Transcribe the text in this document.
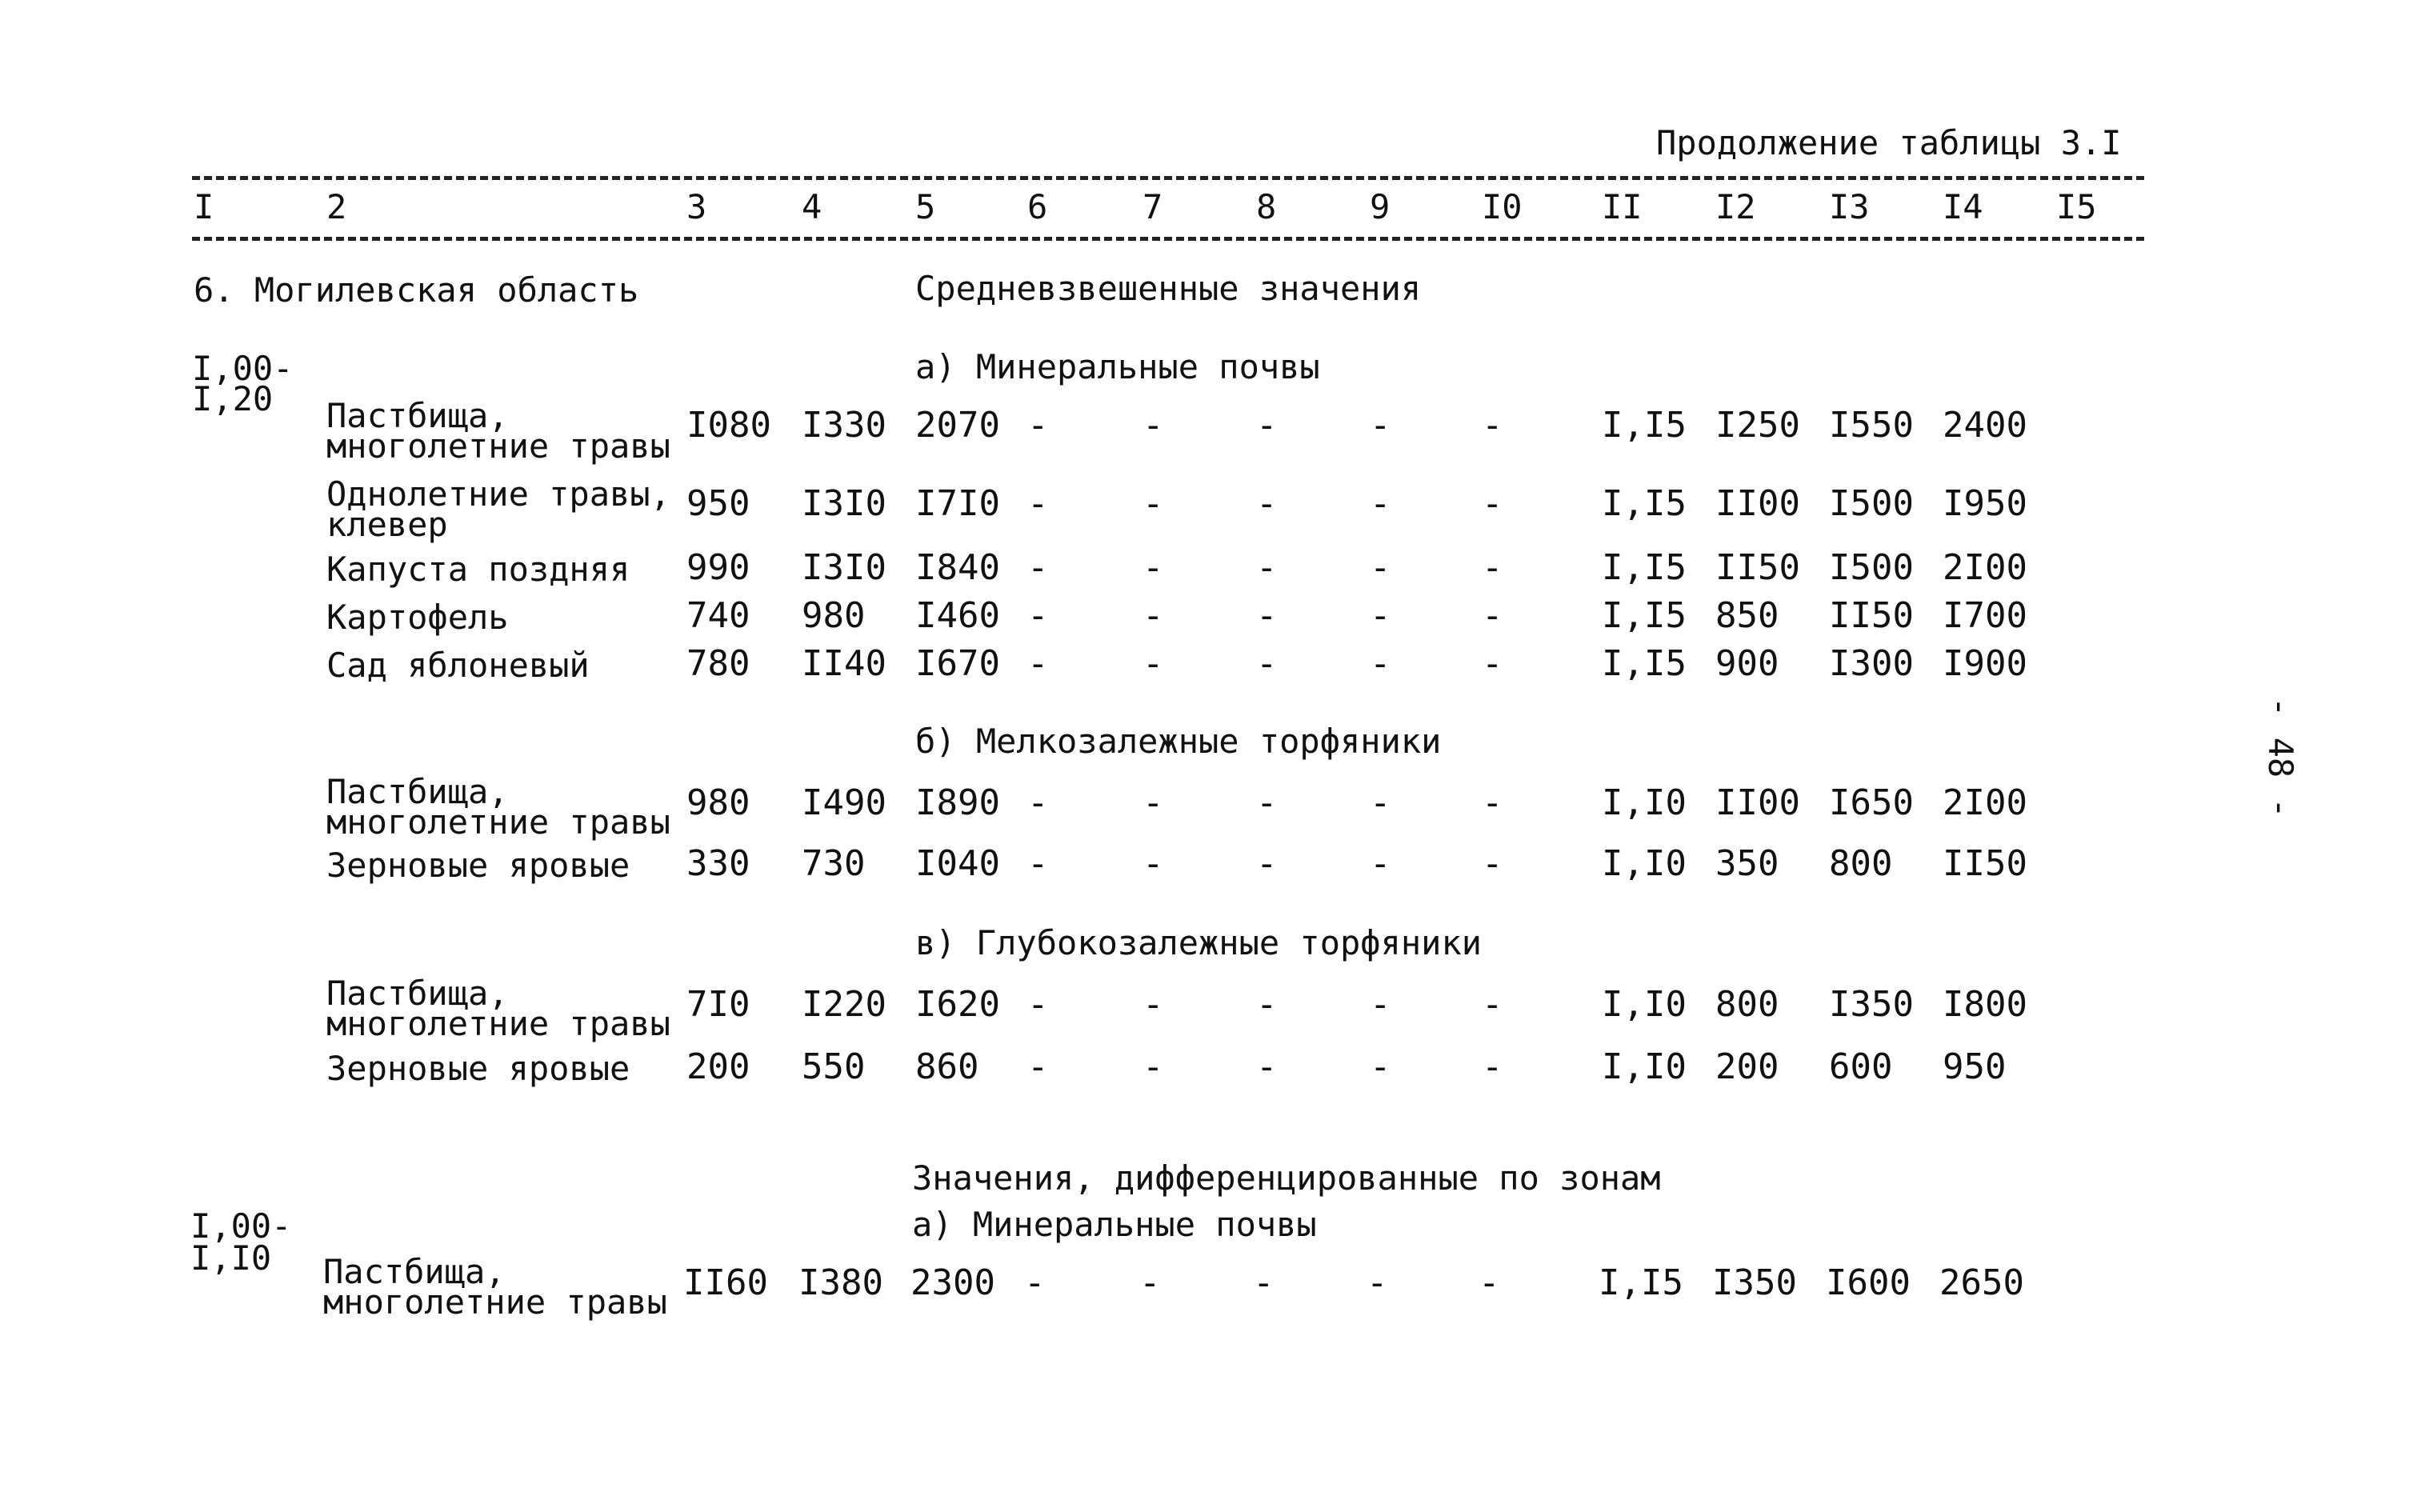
Продолжение таблицы 3.I
I	2	3	4	5	6	7	8	9	I0 II I2 I3 I4 I5
6. Могилевская область	Средневзвешенные значения
I,00-
I,20
а) Минеральные почвы
Пастбища,
многолетние травы
I080 I330 2070 -	-	-	-	-	I,I5 I250 I550 2400
Однолетние травы,
клевер
950 I3I0 I7I0 -	-	-	-	-	I,I5 II00 I500 I950
Капуста поздняя 990 I3I0 I840 -	-	-	-	-	I,I5 II50 I500 2I00
Картофель	740 980 I460 -	-	-	-	-	I,I5 850 II50 I700
Сад яблоневый	780 II40 I670 -	-	-	-	-	I,I5 900 I300 I900
б) Мелкозалежные торфяники
Пастбища,
многолетние травы 980 I490 I890 -	-	-	-	-	I,I0 II00 I650 2I00
Зерновые яровые 330 730 I040 -	-	-	-	-	I,I0 350 800 II50
в) Глубокозалежные торфяники
Пастбища,
многолетние травы 7I0 I220 I620 -	-	-	-	-	I,I0 800 I350 I800
Зерновые яровые 200 550 860 -	-	-	-	-	I,I0 200 600 950
Значения, дифференцированные по зонам
I,00-
I,I0
а) Минеральные почвы
Пастбища,
многолетние травы II60 I380 2300 -	-	-	-	-	I,I5 I350 I600 2650
- 48 -
